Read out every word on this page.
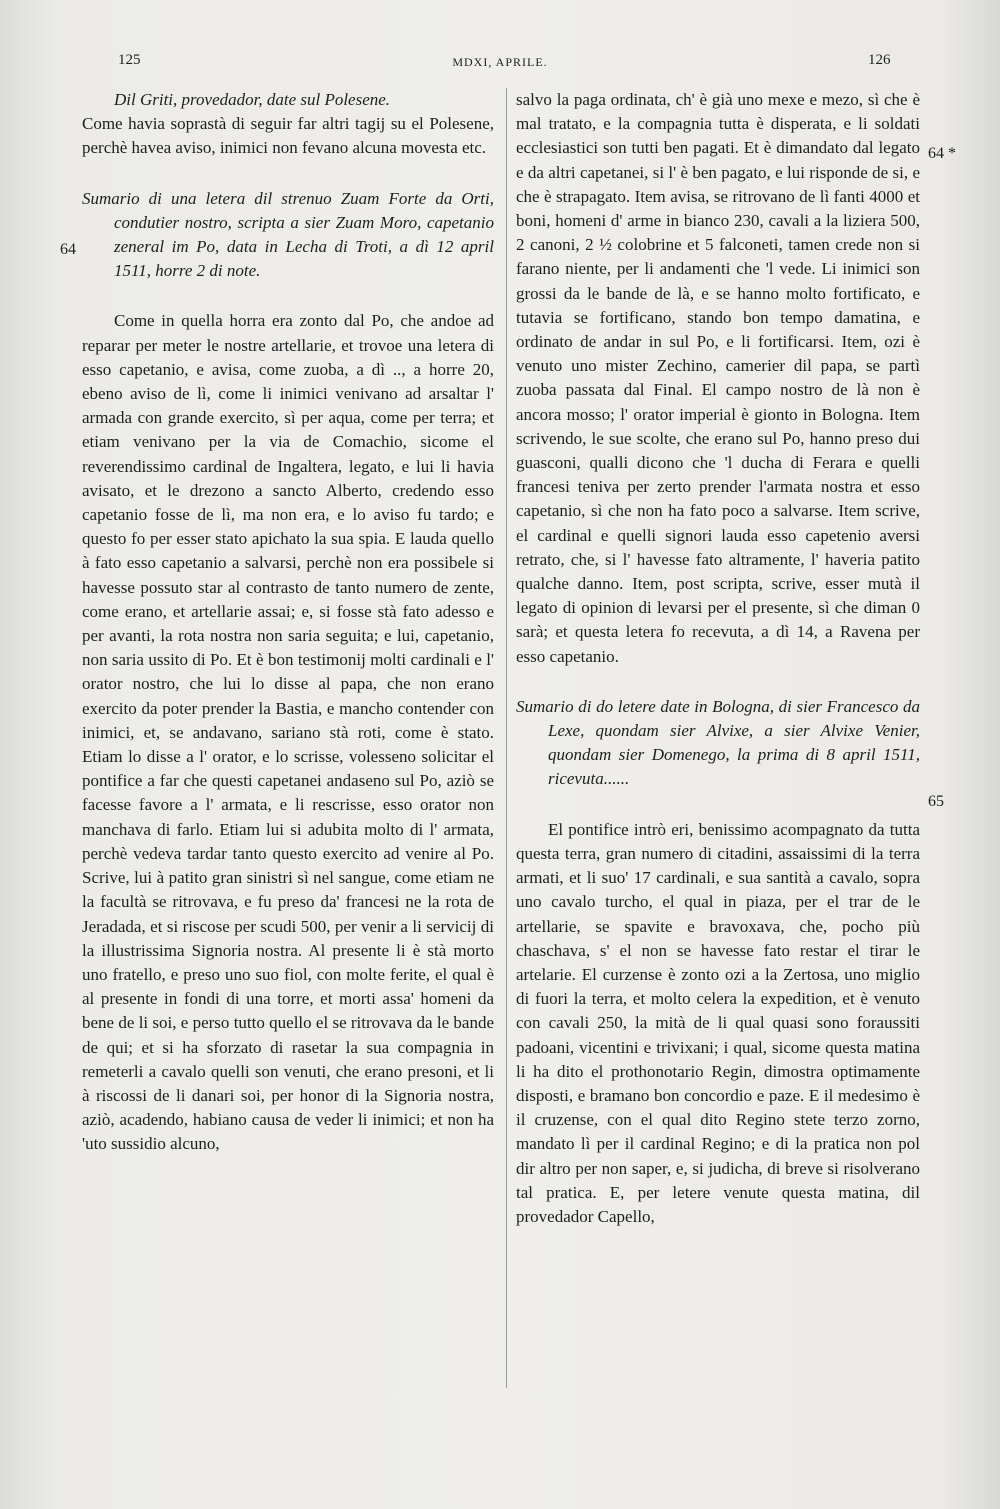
125	MDXI, APRILE.	126
64
64 *
65

Dil Griti, provedador, date sul Polesene.

Come havia soprastà di seguir far altri tagij su el Polesene, perchè havea aviso, inimici non fevano alcuna movesta etc.

Sumario di una letera dil strenuo Zuam Forte da Orti, condutier nostro, scripta a sier Zuam Moro, capetanio zeneral im Po, data in Lecha di Troti, a dì 12 april 1511, horre 2 di note.

Come in quella horra era zonto dal Po, che andoe ad reparar per meter le nostre artellarie, et trovoe una letera di esso capetanio, e avisa, come zuoba, a dì .., a horre 20, ebeno aviso de lì, come li inimici venivano ad arsaltar l' armada con grande exercito, sì per aqua, come per terra; et etiam venivano per la via de Comachio, sicome el reverendissimo cardinal de Ingaltera, legato, e lui li havia avisato, et le drezono a sancto Alberto, credendo esso capetanio fosse de lì, ma non era, e lo aviso fu tardo; e questo fo per esser stato apichato la sua spia. E lauda quello à fato esso capetanio a salvarsi, perchè non era possibele si havesse possuto star al contrasto de tanto numero de zente, come erano, et artellarie assai; e, si fosse stà fato adesso e per avanti, la rota nostra non saria seguita; e lui, capetanio, non saria ussito di Po. Et è bon testimonij molti cardinali e l' orator nostro, che lui lo disse al papa, che non erano exercito da poter prender la Bastia, e mancho contender con inimici, et, se andavano, sariano stà roti, come è stato. Etiam lo disse a l' orator, e lo scrisse, volesseno solicitar el pontifice a far che questi capetanei andaseno sul Po, aziò se facesse favore a l' armata, e li rescrisse, esso orator non manchava di farlo. Etiam lui si adubita molto di l' armata, perchè vedeva tardar tanto questo exercito ad venire al Po. Scrive, lui à patito gran sinistri sì nel sangue, come etiam ne la facultà se ritrovava, e fu preso da' francesi ne la rota de Jeradada, et si riscose per scudi 500, per venir a li servicij di la illustrissima Signoria nostra. Al presente li è stà morto uno fratello, e preso uno suo fiol, con molte ferite, el qual è al presente in fondi di una torre, et morti assa' homeni da bene de li soi, e perso tutto quello el se ritrovava da le bande de qui; et si ha sforzato di rasetar la sua compagnia in remeterli a cavalo quelli son venuti, che erano presoni, et li à riscossi de li danari soi, per honor di la Signoria nostra, aziò, acadendo, habiano causa de veder li inimici; et non ha 'uto sussidio alcuno,

salvo la paga ordinata, ch' è già uno mexe e mezo, sì che è mal tratato, e la compagnia tutta è disperata, e li soldati ecclesiastici son tutti ben pagati. Et è dimandato dal legato e da altri capetanei, si l' è ben pagato, e lui risponde de si, e che è strapagato. Item avisa, se ritrovano de lì fanti 4000 et boni, homeni d' arme in bianco 230, cavali a la liziera 500, 2 canoni, 2 ½ colobrine et 5 falconeti, tamen crede non si farano niente, per li andamenti che 'l vede. Li inimici son grossi da le bande de là, e se hanno molto fortificato, e tutavia se fortificano, stando bon tempo damatina, e ordinato de andar in sul Po, e li fortificarsi. Item, ozi è venuto uno mister Zechino, camerier dil papa, se partì zuoba passata dal Final. El campo nostro de là non è ancora mosso; l' orator imperial è gionto in Bologna. Item scrivendo, le sue scolte, che erano sul Po, hanno preso dui guasconi, qualli dicono che 'l ducha di Ferara e quelli francesi teniva per zerto prender l'armata nostra et esso capetanio, sì che non ha fato poco a salvarse. Item scrive, el cardinal e quelli signori lauda esso capetenio aversi retrato, che, si l' havesse fato altramente, l' haveria patito qualche danno. Item, post scripta, scrive, esser mutà il legato di opinion di levarsi per el presente, sì che diman 0 sarà; et questa letera fo recevuta, a dì 14, a Ravena per esso capetanio.

Sumario di do letere date in Bologna, di sier Francesco da Lexe, quondam sier Alvixe, a sier Alvixe Venier, quondam sier Domenego, la prima di 8 april 1511, ricevuta......

El pontifice intrò eri, benissimo acompagnato da tutta questa terra, gran numero di citadini, assaissimi di la terra armati, et li suo' 17 cardinali, e sua santità a cavalo, sopra uno cavalo turcho, el qual in piaza, per el trar de le artellarie, se spavite e bravoxava, che, pocho più chaschava, s' el non se havesse fato restar el tirar le artelarie. El curzense è zonto ozi a la Zertosa, uno miglio di fuori la terra, et molto celera la expedition, et è venuto con cavali 250, la mità de li qual quasi sono foraussiti padoani, vicentini e trivixani; i qual, sicome questa matina li ha dito el prothonotario Regin, dimostra optimamente disposti, e bramano bon concordio e paze. E il medesimo è il cruzense, con el qual dito Regino stete terzo zorno, mandato lì per il cardinal Regino; e di la pratica non pol dir altro per non saper, e, si judicha, di breve si risolverano tal pratica. E, per letere venute questa matina, dil provedador Capello,
